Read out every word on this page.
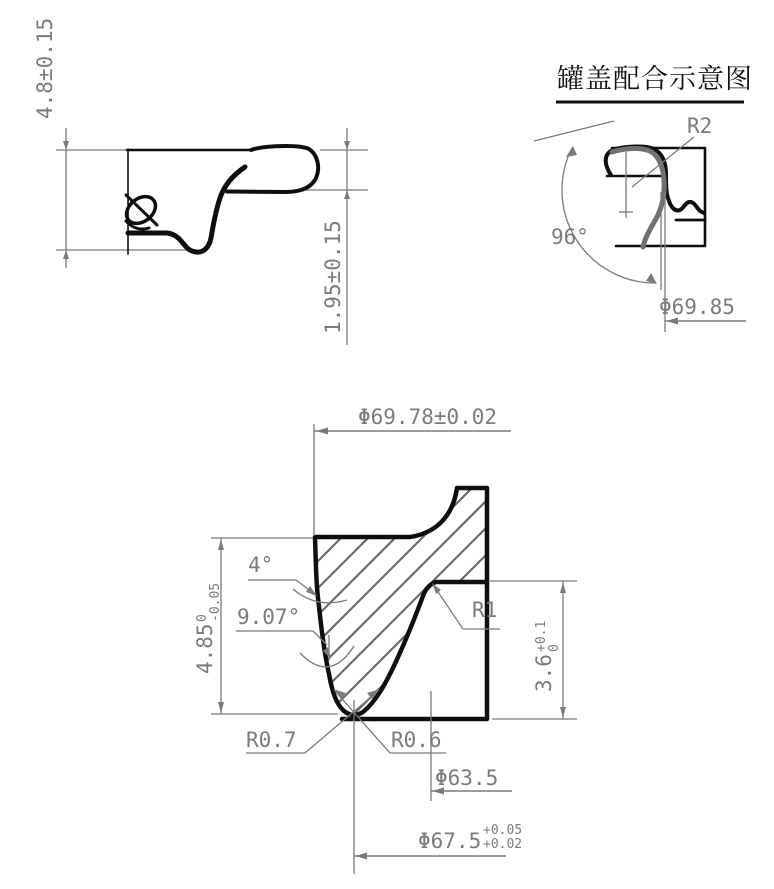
4.8±0.15
1.95±0.15
罐盖配合示意图
R2
96°
Φ69.85
Φ69.78±0.02
4.85
0
-0.05
4°
9.07°	R1
3.6
+0.1
0
R0.7	R0.6
Φ63.5
Φ67.5 +0.05
+0.02
